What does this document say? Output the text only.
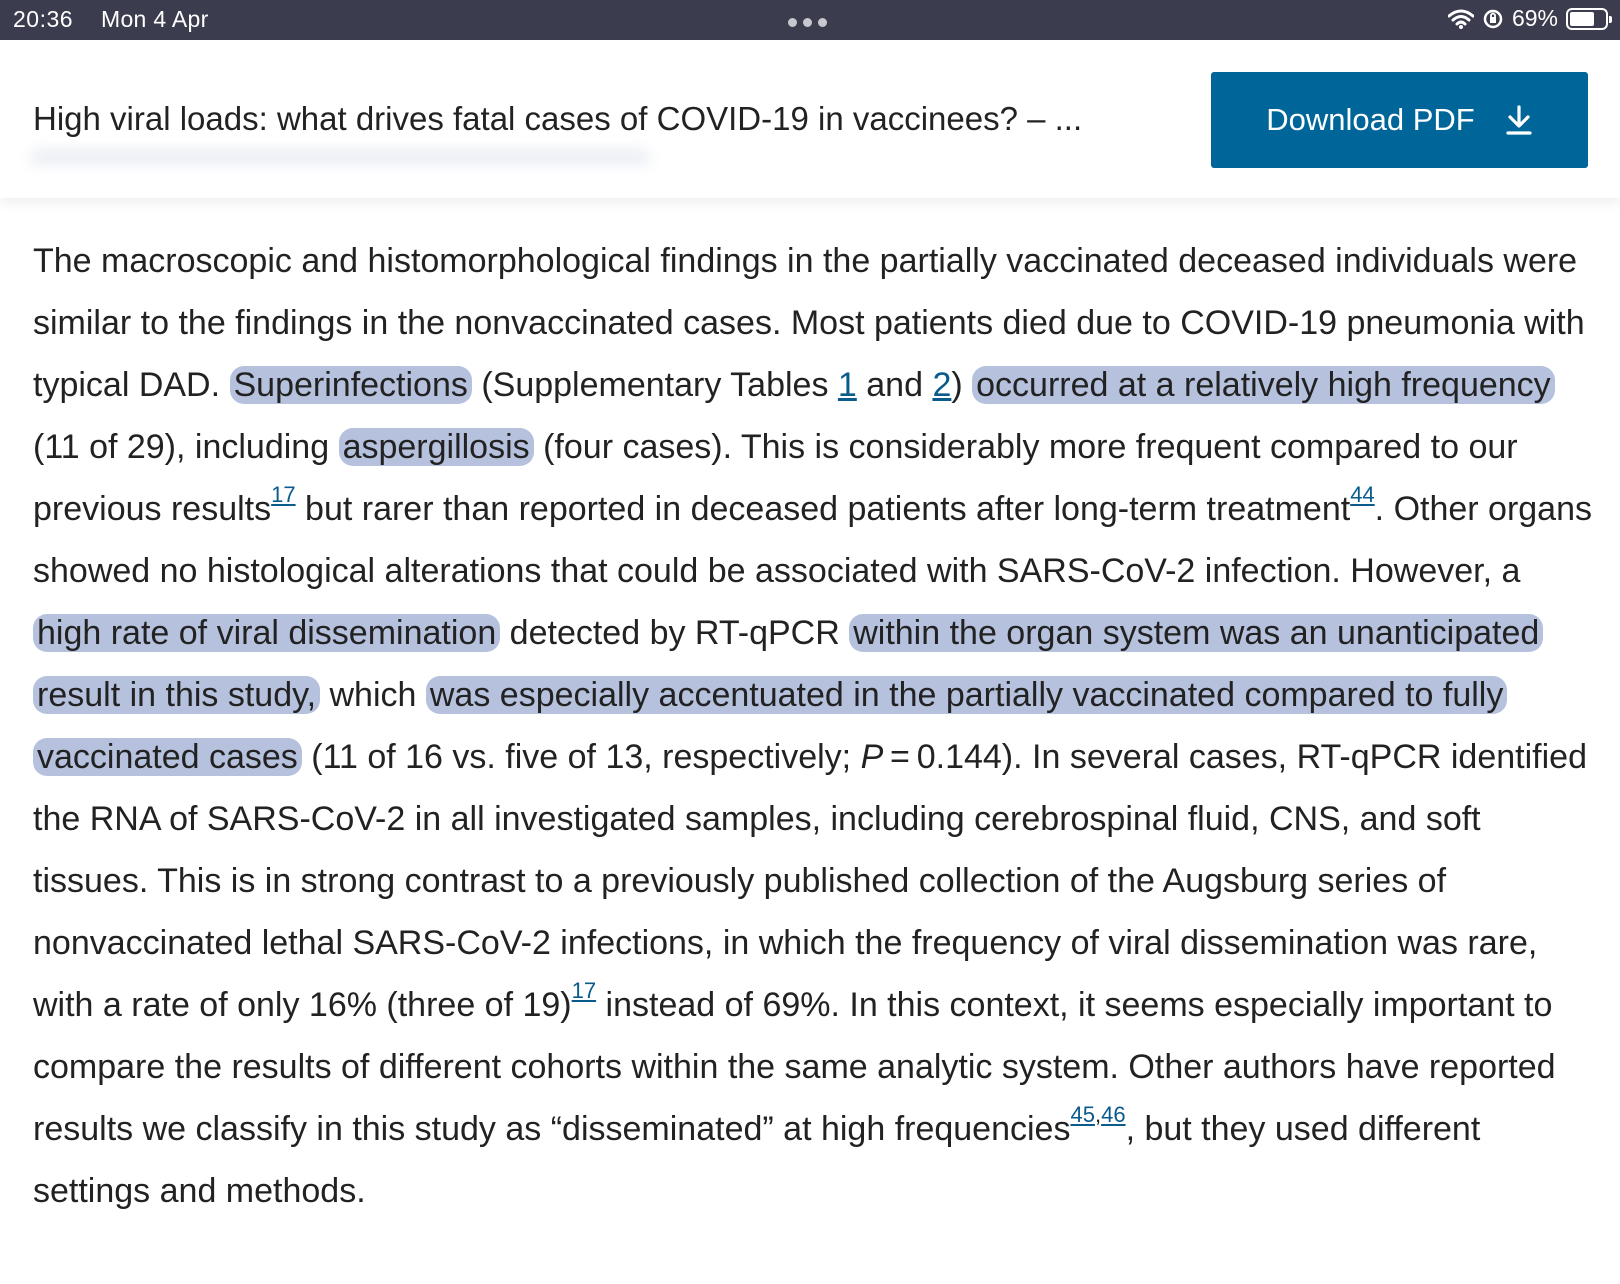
20:36 Mon 4 Apr	69%
High viral loads: what drives fatal cases of COVID-19 in vaccinees? – ...	Download PDF

The macroscopic and histomorphological findings in the partially vaccinated deceased individuals were similar to the findings in the nonvaccinated cases. Most patients died due to COVID-19 pneumonia with typical DAD. Superinfections (Supplementary Tables 1 and 2) occurred at a relatively high frequency (11 of 29), including aspergillosis (four cases). This is considerably more frequent compared to our previous results$^{17}$ but rarer than reported in deceased patients after long-term treatment$^{44}$. Other organs showed no histological alterations that could be associated with SARS-CoV-2 infection. However, a high rate of viral dissemination detected by RT-qPCR within the organ system was an unanticipated result in this study, which was especially accentuated in the partially vaccinated compared to fully vaccinated cases (11 of 16 vs. five of 13, respectively; P = 0.144). In several cases, RT-qPCR identified the RNA of SARS-CoV-2 in all investigated samples, including cerebrospinal fluid, CNS, and soft tissues. This is in strong contrast to a previously published collection of the Augsburg series of nonvaccinated lethal SARS-CoV-2 infections, in which the frequency of viral dissemination was rare, with a rate of only 16% (three of 19)$^{17}$ instead of 69%. In this context, it seems especially important to compare the results of different cohorts within the same analytic system. Other authors have reported results we classify in this study as “disseminated” at high frequencies$^{45,46}$, but they used different settings and methods.
